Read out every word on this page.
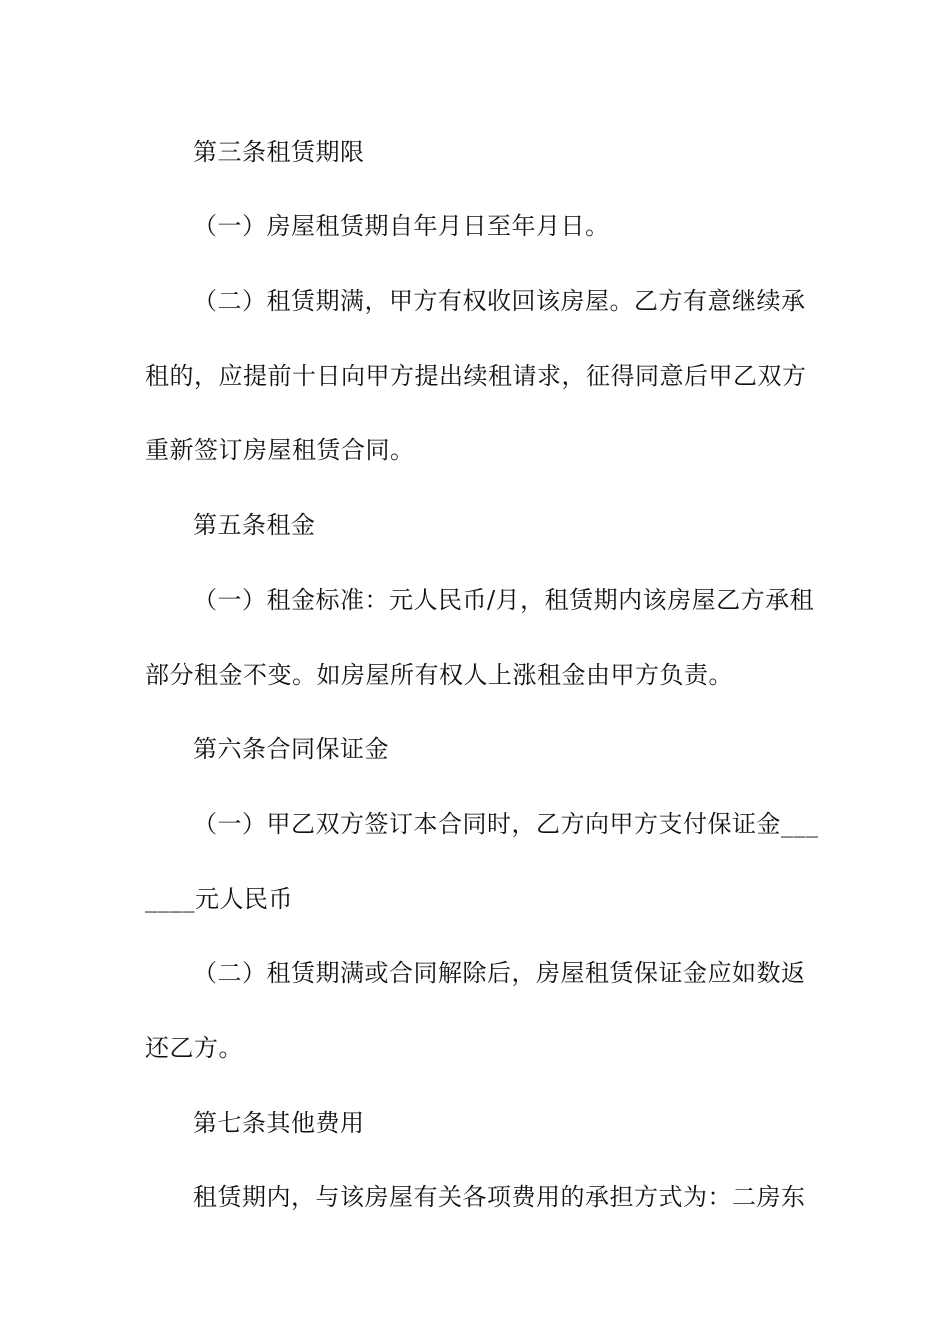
第三条租赁期限
（一）房屋租赁期自年月日至年月日。
（二）租赁期满，甲方有权收回该房屋。乙方有意继续承
租的，应提前十日向甲方提出续租请求，征得同意后甲乙双方
重新签订房屋租赁合同。
第五条租金
（一）租金标准：元人民币/月，租赁期内该房屋乙方承租
部分租金不变。如房屋所有权人上涨租金由甲方负责。
第六条合同保证金
（一）甲乙双方签订本合同时，乙方向甲方支付保证金___
____元人民币
（二）租赁期满或合同解除后，房屋租赁保证金应如数返
还乙方。
第七条其他费用
租赁期内，与该房屋有关各项费用的承担方式为：二房东
